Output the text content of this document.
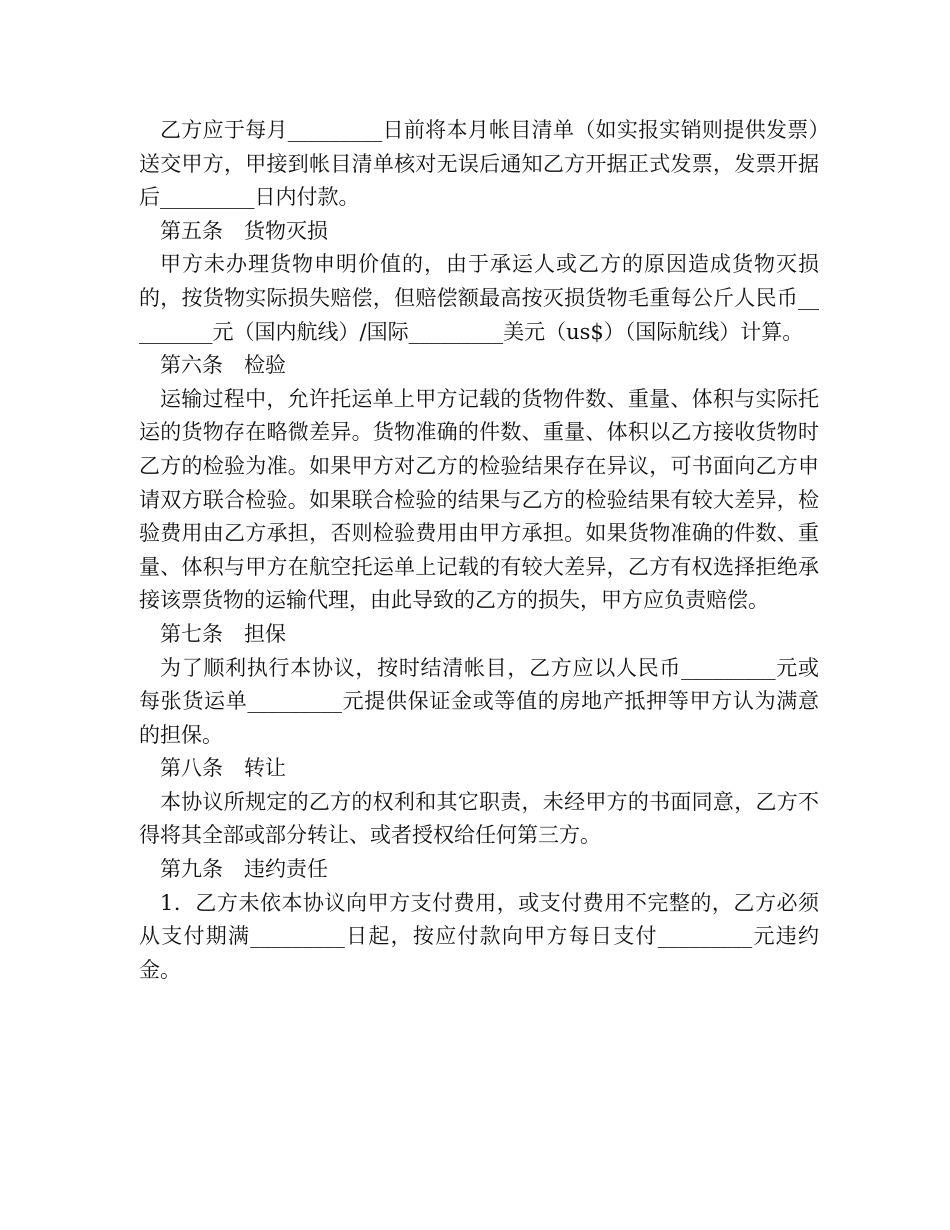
乙方应于每月_________日前将本月帐目清单（如实报实销则提供发票）送交甲方，甲接到帐目清单核对无误后通知乙方开据正式发票，发票开据后_________日内付款。

第五条　货物灭损

甲方未办理货物申明价值的，由于承运人或乙方的原因造成货物灭损的，按货物实际损失赔偿，但赔偿额最高按灭损货物毛重每公斤人民币_________元（国内航线）/国际_________美元（us$）（国际航线）计算。

第六条　检验

运输过程中，允许托运单上甲方记载的货物件数、重量、体积与实际托运的货物存在略微差异。货物准确的件数、重量、体积以乙方接收货物时乙方的检验为准。如果甲方对乙方的检验结果存在异议，可书面向乙方申请双方联合检验。如果联合检验的结果与乙方的检验结果有较大差异，检验费用由乙方承担，否则检验费用由甲方承担。如果货物准确的件数、重量、体积与甲方在航空托运单上记载的有较大差异，乙方有权选择拒绝承接该票货物的运输代理，由此导致的乙方的损失，甲方应负责赔偿。

第七条　担保

为了顺利执行本协议，按时结清帐目，乙方应以人民币_________元或每张货运单_________元提供保证金或等值的房地产抵押等甲方认为满意的担保。

第八条　转让

本协议所规定的乙方的权利和其它职责，未经甲方的书面同意，乙方不得将其全部或部分转让、或者授权给任何第三方。

第九条　违约责任

1．乙方未依本协议向甲方支付费用，或支付费用不完整的，乙方必须从支付期满_________日起，按应付款向甲方每日支付_________元违约金。
